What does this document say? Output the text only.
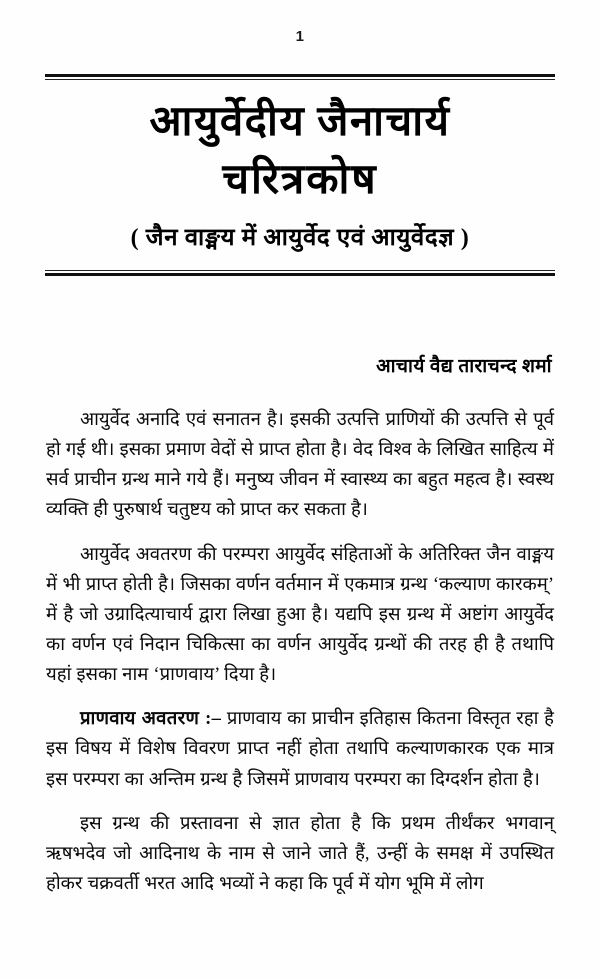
1
आयुर्वेदीय जैनाचार्य
चरित्रकोष
( जैन वाङ्मय में आयुर्वेद एवं आयुर्वेदज्ञ )
आचार्य वैद्य ताराचन्द शर्मा

आयुर्वेद अनादि एवं सनातन है। इसकी उत्पत्ति प्राणियों की उत्पत्ति से पूर्व हो गई थी। इसका प्रमाण वेदों से प्राप्त होता है। वेद विश्व के लिखित साहित्य में सर्व प्राचीन ग्रन्थ माने गये हैं। मनुष्य जीवन में स्वास्थ्य का बहुत महत्व है। स्वस्थ व्यक्ति ही पुरुषार्थ चतुष्टय को प्राप्त कर सकता है।

आयुर्वेद अवतरण की परम्परा आयुर्वेद संहिताओं के अतिरिक्त जैन वाङ्मय में भी प्राप्त होती है। जिसका वर्णन वर्तमान में एकमात्र ग्रन्थ ‘कल्याण कारकम्’ में है जो उग्रादित्याचार्य द्वारा लिखा हुआ है। यद्यपि इस ग्रन्थ में अष्टांग आयुर्वेद का वर्णन एवं निदान चिकित्सा का वर्णन आयुर्वेद ग्रन्थों की तरह ही है तथापि यहां इसका नाम ‘प्राणवाय’ दिया है।

प्राणवाय अवतरण :– प्राणवाय का प्राचीन इतिहास कितना विस्तृत रहा है इस विषय में विशेष विवरण प्राप्त नहीं होता तथापि कल्याणकारक एक मात्र इस परम्परा का अन्तिम ग्रन्थ है जिसमें प्राणवाय परम्परा का दिग्दर्शन होता है।

इस ग्रन्थ की प्रस्तावना से ज्ञात होता है कि प्रथम तीर्थंकर भगवान् ऋषभदेव जो आदिनाथ के नाम से जाने जाते हैं, उन्हीं के समक्ष में उपस्थित होकर चक्रवर्ती भरत आदि भव्यों ने कहा कि पूर्व में योग भूमि में लोग
